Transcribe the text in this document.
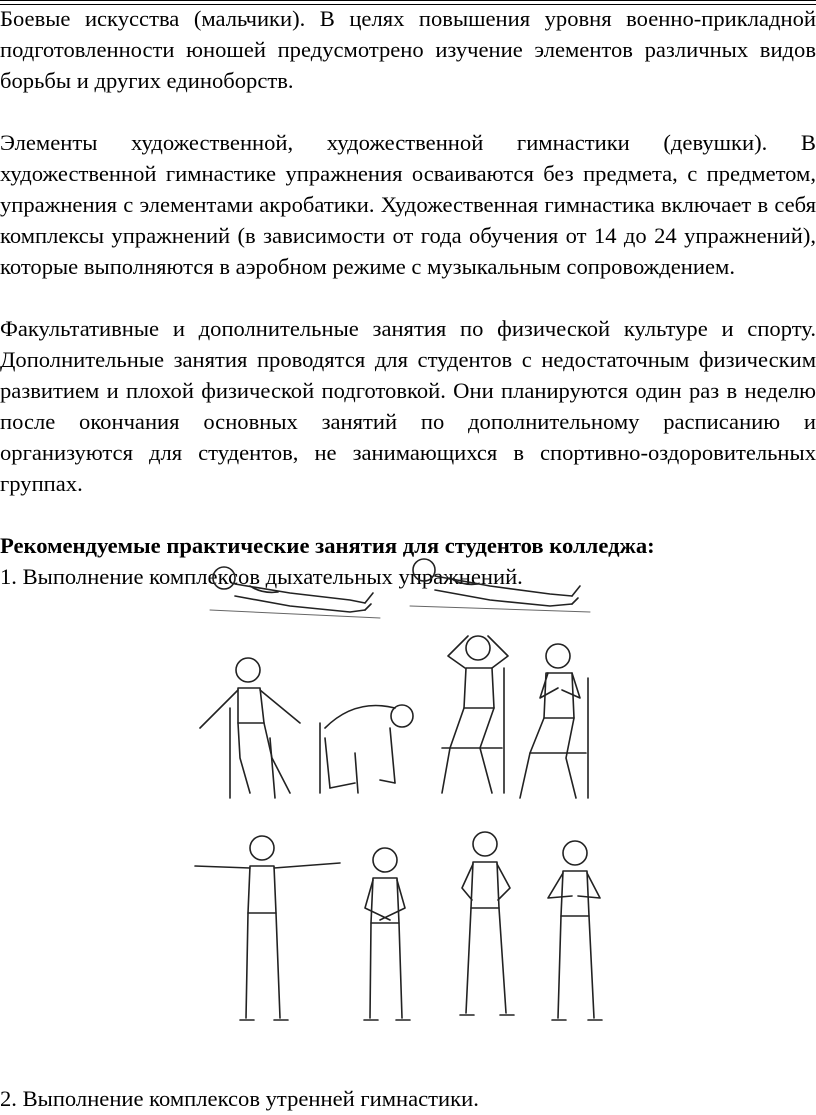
Боевые искусства (мальчики). В целях повышения уровня военно-прикладной подготовленности юношей предусмотрено изучение элементов различных видов борьбы и других единоборств.

Элементы художественной, художественной гимнастики (девушки). В художественной гимнастике упражнения осваиваются без предмета, с предметом, упражнения с элементами акробатики. Художественная гимнастика включает в себя комплексы упражнений (в зависимости от года обучения от 14 до 24 упражнений), которые выполняются в аэробном режиме с музыкальным сопровождением.

Факультативные и дополнительные занятия по физической культуре и спорту. Дополнительные занятия проводятся для студентов с недостаточным физическим развитием и плохой физической подготовкой. Они планируются один раз в неделю после окончания основных занятий по дополнительному расписанию и организуются для студентов, не занимающихся в спортивно-оздоровительных группах.

Рекомендуемые практические занятия для студентов колледжа:

1. Выполнение комплексов дыхательных упражнений.

2. Выполнение комплексов утренней гимнастики.
